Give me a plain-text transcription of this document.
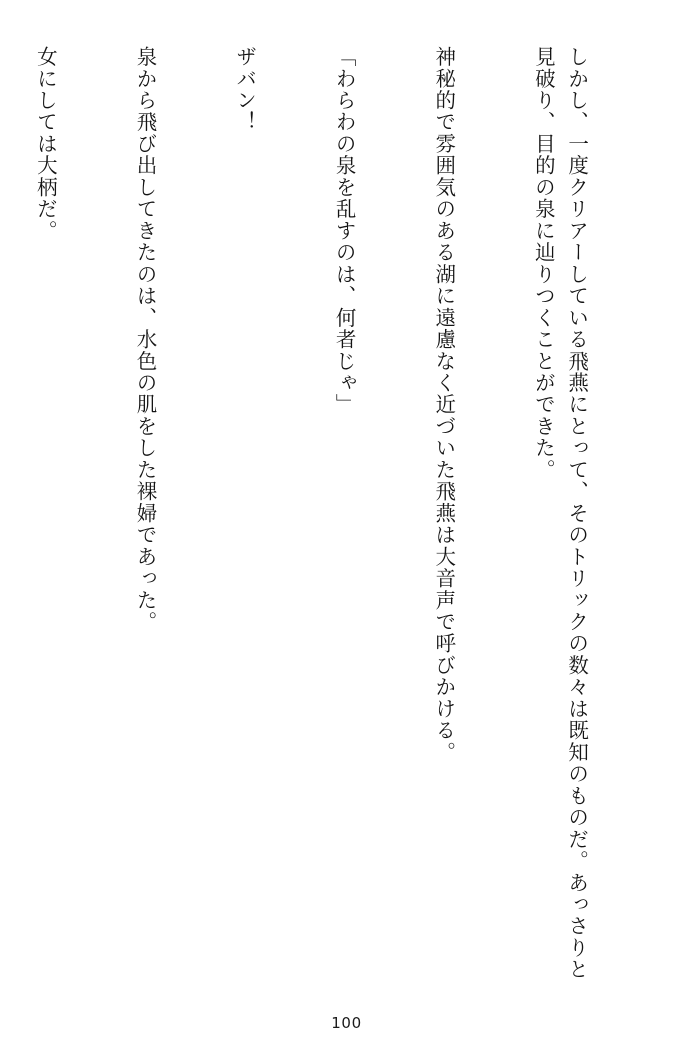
しかし、一度クリアーしている飛燕にとって、そのトリックの数々は既知のものだ。あっさりと見破り、目的の泉に辿りつくことができた。

神秘的で雰囲気のある湖に遠慮なく近づいた飛燕は大音声で呼びかける。

「わらわの泉を乱すのは、何者じゃ」

ザバン！

泉から飛び出してきたのは、水色の肌をした裸婦であった。

女にしては大柄だ。

100
